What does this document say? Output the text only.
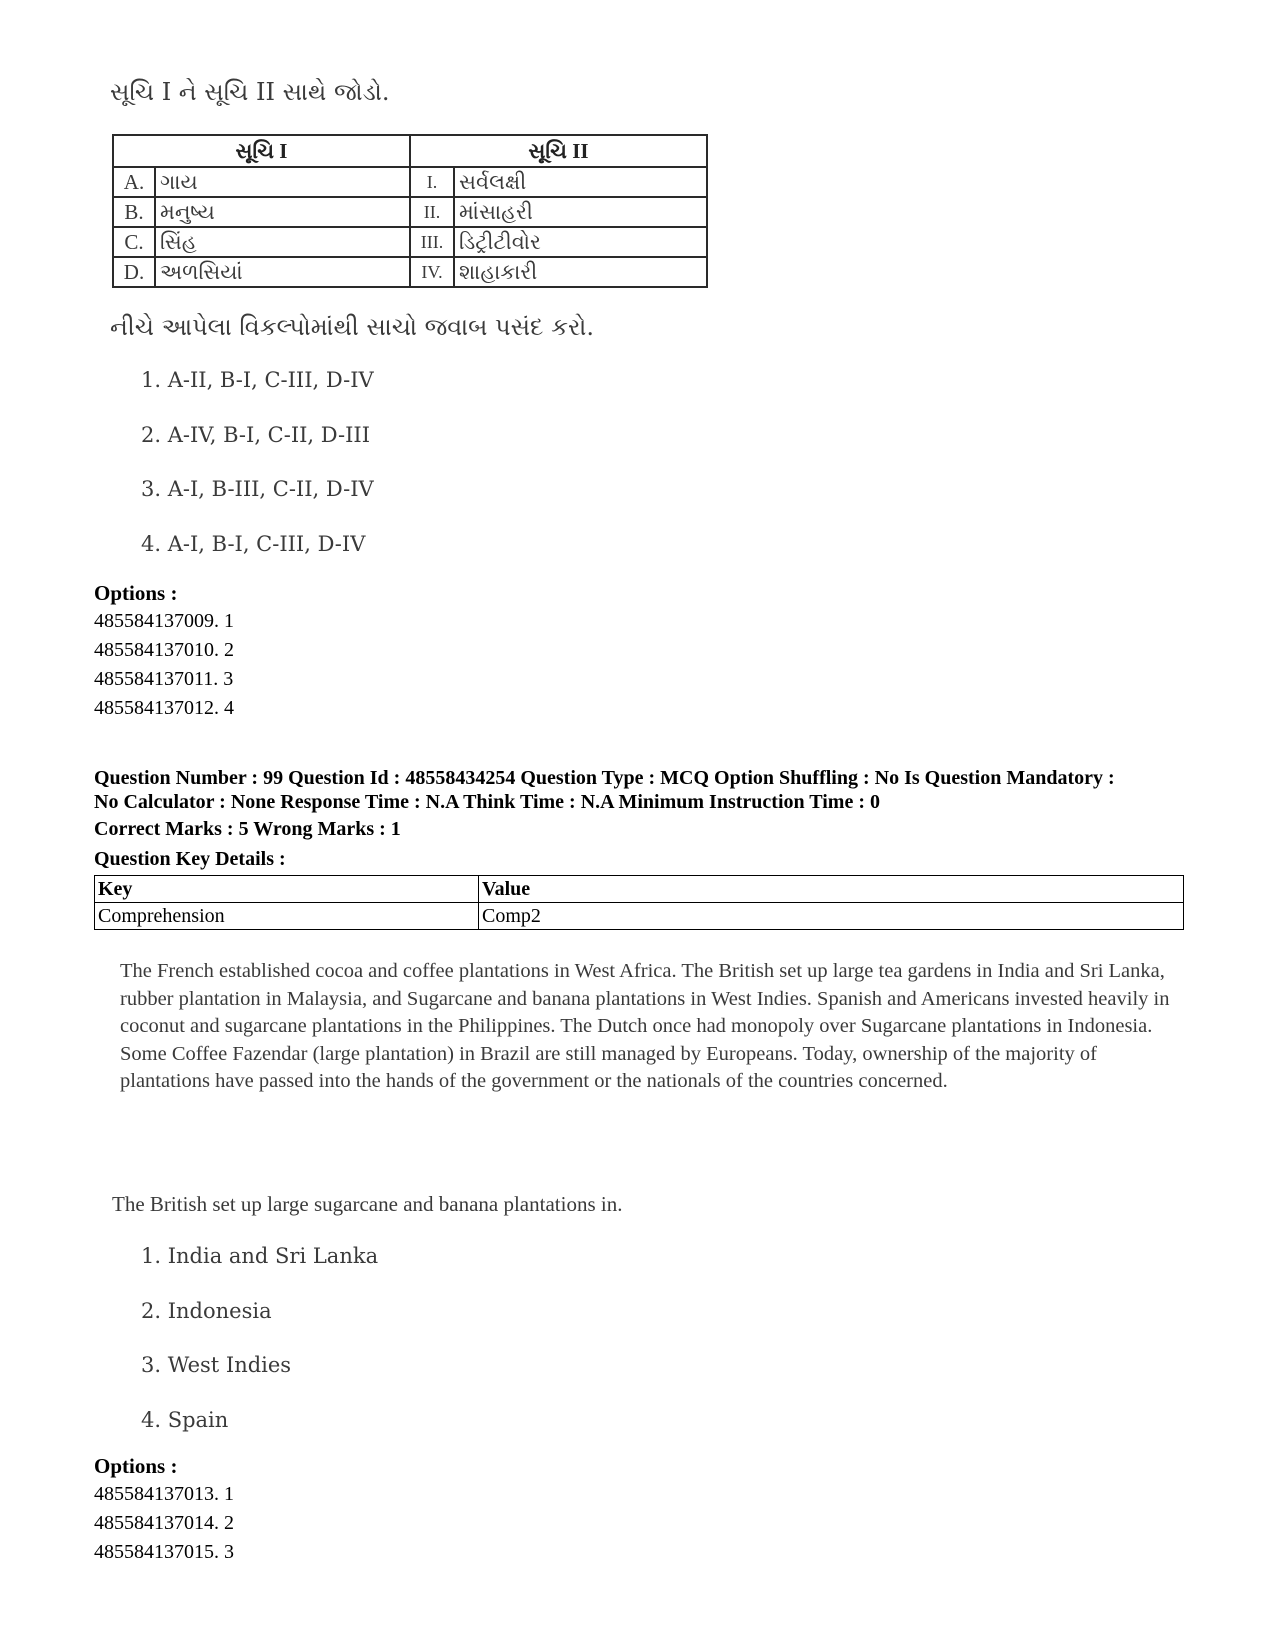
સૂચિ I ને સૂચિ II સાથે જોડો.
સૂચિ I		સૂચિ II	
A.	ગાય	I.	સર્વલક્ષી
B.	મનુષ્ય	II.	માંસાહરી
C.	સિંહ	III.	ડિટ્રીટીવોર
D.	અળસિયાં	IV.	શાહાકારી
નીચે આપેલા વિકલ્પોમાંથી સાચો જવાબ પસંદ કરો.
1. A-II, B-I, C-III, D-IV
2. A-IV, B-I, C-II, D-III
3. A-I, B-III, C-II, D-IV
4. A-I, B-I, C-III, D-IV
Options :
485584137009. 1
485584137010. 2
485584137011. 3
485584137012. 4
Question Number : 99 Question Id : 48558434254 Question Type : MCQ Option Shuffling : No Is Question Mandatory :
No Calculator : None Response Time : N.A Think Time : N.A Minimum Instruction Time : 0
Correct Marks : 5 Wrong Marks : 1
Question Key Details :
Key	Value
Comprehension	Comp2
The French established cocoa and coffee plantations in West Africa. The British set up large tea gardens in India and Sri Lanka, rubber plantation in Malaysia, and Sugarcane and banana plantations in West Indies. Spanish and Americans invested heavily in coconut and sugarcane plantations in the Philippines. The Dutch once had monopoly over Sugarcane plantations in Indonesia. Some Coffee Fazendar (large plantation) in Brazil are still managed by Europeans. Today, ownership of the majority of plantations have passed into the hands of the government or the nationals of the countries concerned.
The British set up large sugarcane and banana plantations in.
1. India and Sri Lanka
2. Indonesia
3. West Indies
4. Spain
Options :
485584137013. 1
485584137014. 2
485584137015. 3
